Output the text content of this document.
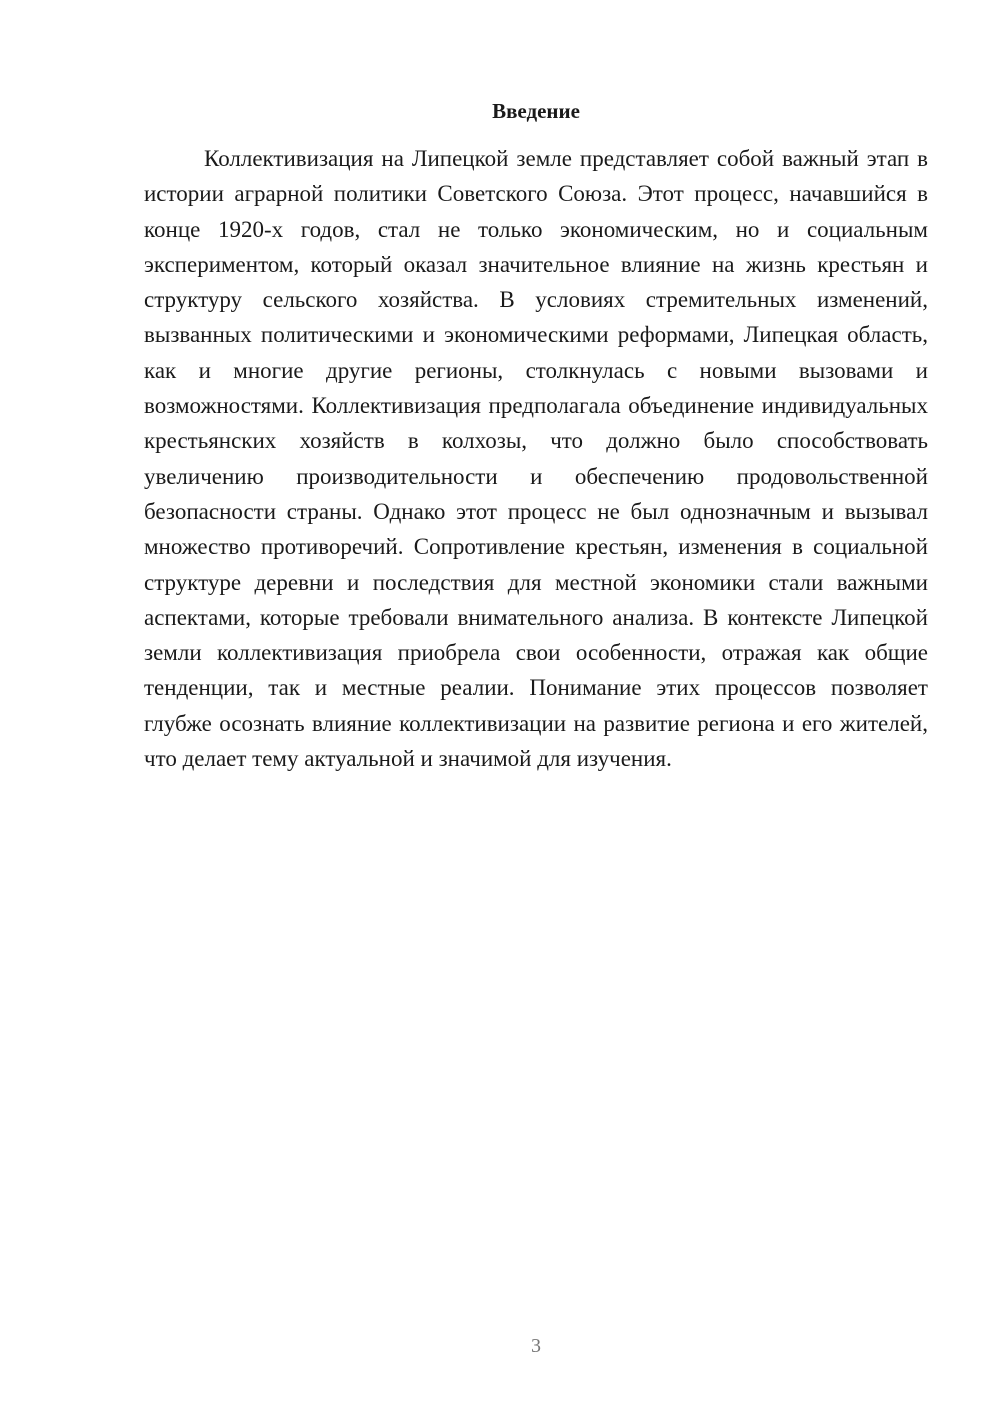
Введение

Коллективизация на Липецкой земле представляет собой важный этап в истории аграрной политики Советского Союза. Этот процесс, начавшийся в конце 1920-х годов, стал не только экономическим, но и социальным экспериментом, который оказал значительное влияние на жизнь крестьян и структуру сельского хозяйства. В условиях стремительных изменений, вызванных политическими и экономическими реформами, Липецкая область, как и многие другие регионы, столкнулась с новыми вызовами и возможностями. Коллективизация предполагала объединение индивидуальных крестьянских хозяйств в колхозы, что должно было способствовать увеличению производительности и обеспечению продовольственной безопасности страны. Однако этот процесс не был однозначным и вызывал множество противоречий. Сопротивление крестьян, изменения в социальной структуре деревни и последствия для местной экономики стали важными аспектами, которые требовали внимательного анализа. В контексте Липецкой земли коллективизация приобрела свои особенности, отражая как общие тенденции, так и местные реалии. Понимание этих процессов позволяет глубже осознать влияние коллективизации на развитие региона и его жителей, что делает тему актуальной и значимой для изучения.

3
